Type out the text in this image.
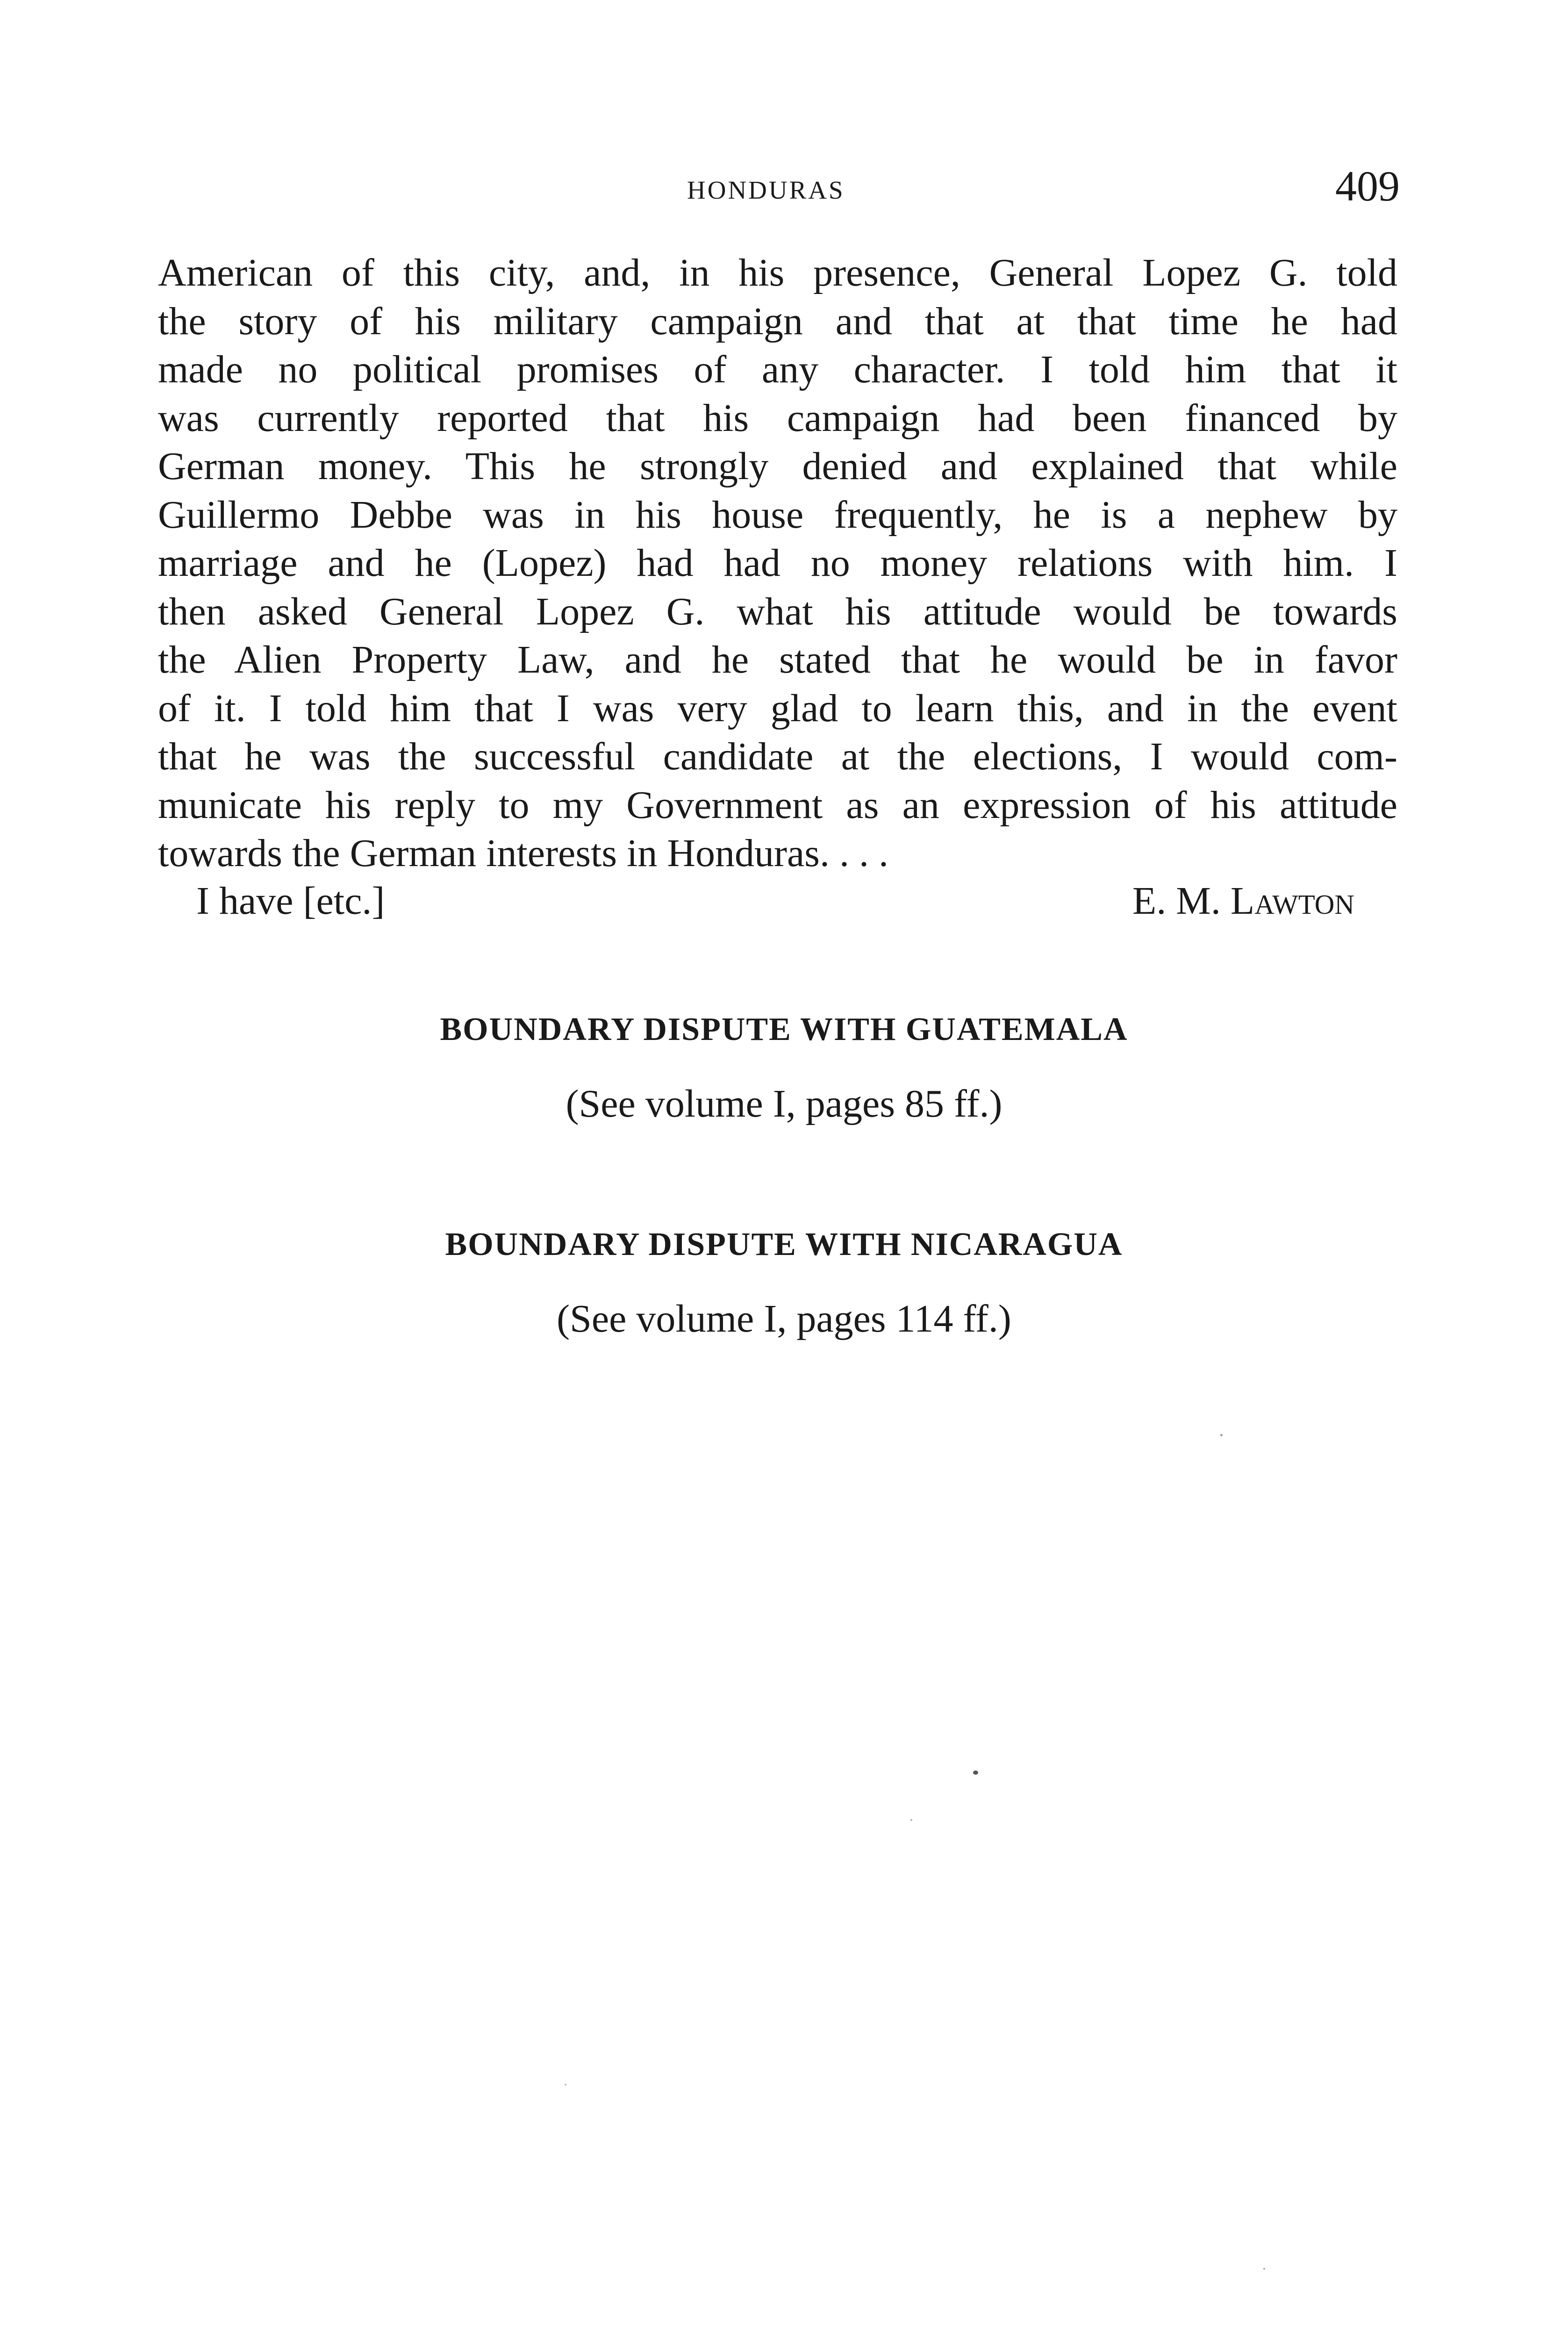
HONDURAS	409
American of this city, and, in his presence, General Lopez G. told
the story of his military campaign and that at that time he had
made no political promises of any character. I told him that it
was currently reported that his campaign had been financed by
German money. This he strongly denied and explained that while
Guillermo Debbe was in his house frequently, he is a nephew by
marriage and he (Lopez) had had no money relations with him. I
then asked General Lopez G. what his attitude would be towards
the Alien Property Law, and he stated that he would be in favor
of it. I told him that I was very glad to learn this, and in the event
that he was the successful candidate at the elections, I would com-
municate his reply to my Government as an expression of his attitude
towards the German interests in Honduras. . . .
I have [etc.]	E. M. Lawton
BOUNDARY DISPUTE WITH GUATEMALA
(See volume I, pages 85 ff.)
BOUNDARY DISPUTE WITH NICARAGUA
(See volume I, pages 114 ff.)
